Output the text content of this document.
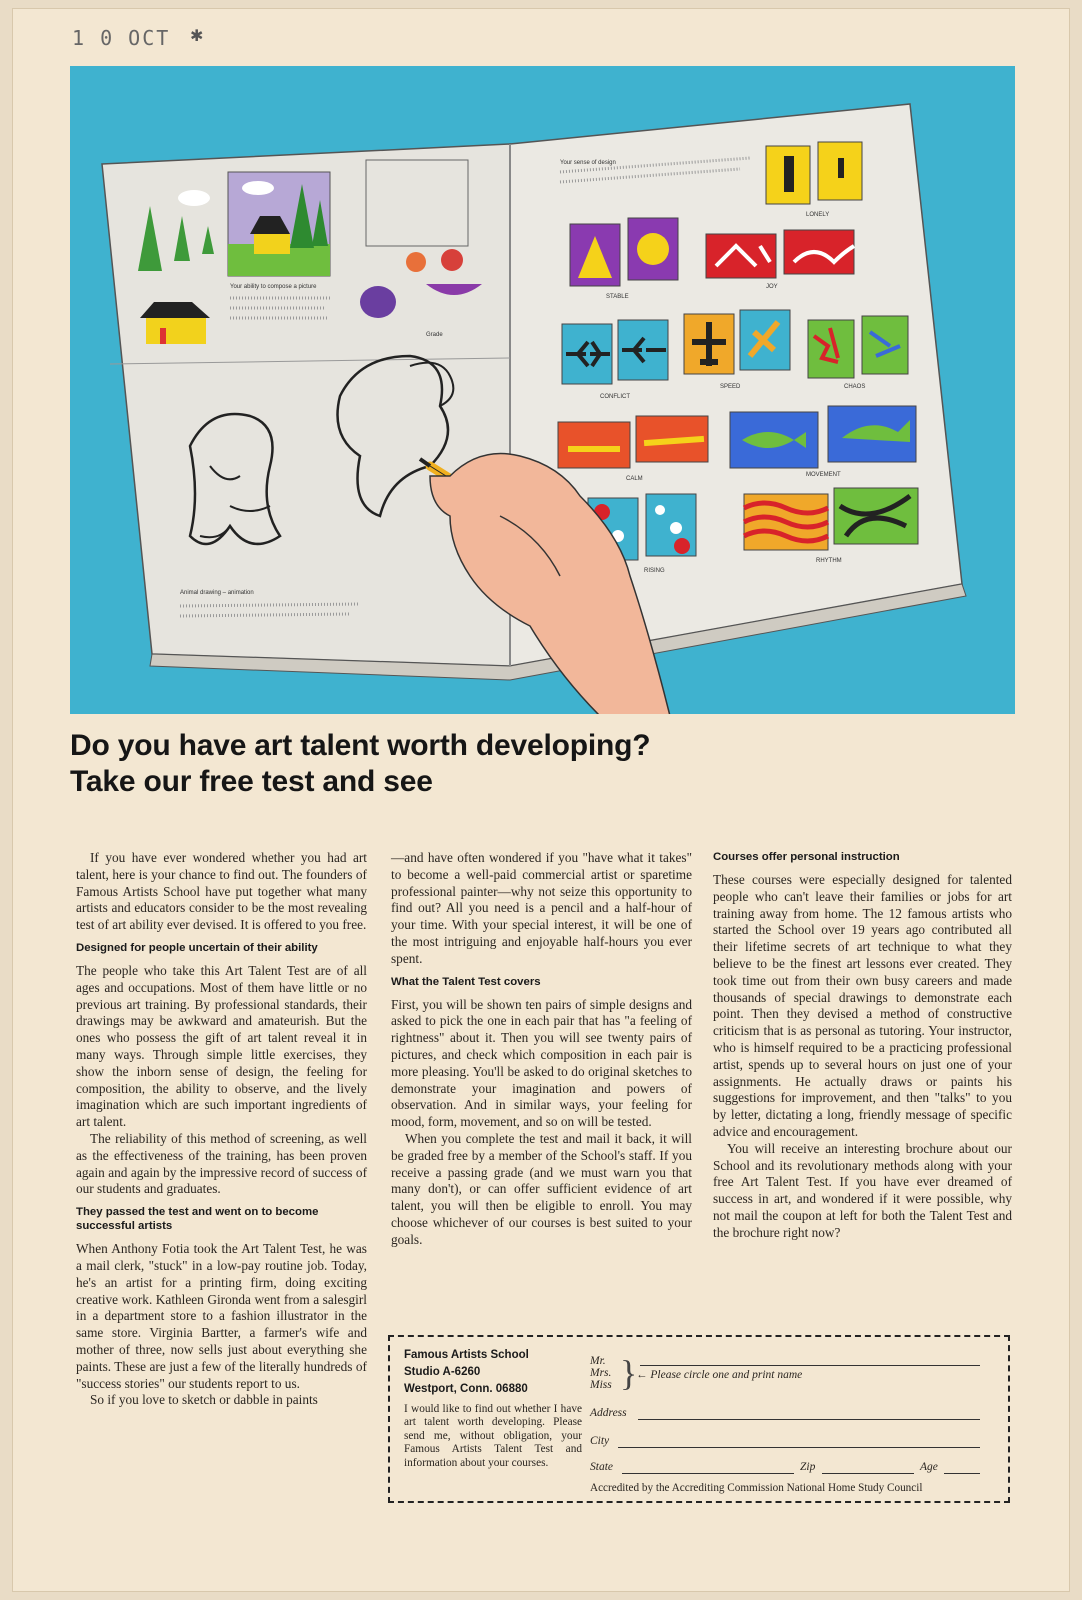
1 0 OCT ✱
Your ability to compose a picture
Grade
Animal drawing – animation
Your sense of design
STABLE
LONELY
JOY
CONFLICT
SPEED	CHAOS
CALM
MOVEMENT
RISING
RHYTHM
Do you have art talent worth developing?
Take our free test and see

If you have ever wondered whether you had art talent, here is your chance to find out. The founders of Famous Artists School have put together what many artists and educators consider to be the most revealing test of art ability ever devised. It is offered to you free.

Designed for people uncertain of their ability

The people who take this Art Talent Test are of all ages and occupations. Most of them have little or no previous art training. By professional standards, their drawings may be awkward and amateurish. But the ones who possess the gift of art talent reveal it in many ways. Through simple little exercises, they show the inborn sense of design, the feeling for composition, the ability to observe, and the lively imagination which are such important ingredients of art talent.

The reliability of this method of screening, as well as the effectiveness of the training, has been proven again and again by the impressive record of success of our students and graduates.

They passed the test and went on to become successful artists

When Anthony Fotia took the Art Talent Test, he was a mail clerk, "stuck" in a low-pay routine job. Today, he's an artist for a printing firm, doing exciting creative work. Kathleen Gironda went from a salesgirl in a department store to a fashion illustrator in the same store. Virginia Bartter, a farmer's wife and mother of three, now sells just about everything she paints. These are just a few of the literally hundreds of "success stories" our students report to us.

So if you love to sketch or dabble in paints

—and have often wondered if you "have what it takes" to become a well-paid commercial artist or sparetime professional painter—why not seize this opportunity to find out? All you need is a pencil and a half-hour of your time. With your special interest, it will be one of the most intriguing and enjoyable half-hours you ever spent.

What the Talent Test covers

First, you will be shown ten pairs of simple designs and asked to pick the one in each pair that has "a feeling of rightness" about it. Then you will see twenty pairs of pictures, and check which composition in each pair is more pleasing. You'll be asked to do original sketches to demonstrate your imagination and powers of observation. And in similar ways, your feeling for mood, form, movement, and so on will be tested.

When you complete the test and mail it back, it will be graded free by a member of the School's staff. If you receive a passing grade (and we must warn you that many don't), or can offer sufficient evidence of art talent, you will then be eligible to enroll. You may choose whichever of our courses is best suited to your goals.

Courses offer personal instruction

These courses were especially designed for talented people who can't leave their families or jobs for art training away from home. The 12 famous artists who started the School over 19 years ago contributed all their lifetime secrets of art technique to what they believe to be the finest art lessons ever created. They took time out from their own busy careers and made thousands of special drawings to demonstrate each point. Then they devised a method of constructive criticism that is as personal as tutoring. Your instructor, who is himself required to be a practicing professional artist, spends up to several hours on just one of your assignments. He actually draws or paints his suggestions for improvement, and then "talks" to you by letter, dictating a long, friendly message of specific advice and encouragement.

You will receive an interesting brochure about our School and its revolutionary methods along with your free Art Talent Test. If you have ever dreamed of success in art, and wondered if it were possible, why not mail the coupon at left for both the Talent Test and the brochure right now?

Famous Artists School
Studio A-6260
Westport, Conn. 06880
I would like to find out whether I have art talent worth developing. Please send me, without obligation, your Famous Artists Talent Test and information about your courses.
Mr.
Mrs.
Miss }
← Please circle one and print name
Address
City
State	Zip	Age
Accredited by the Accrediting Commission National Home Study Council
